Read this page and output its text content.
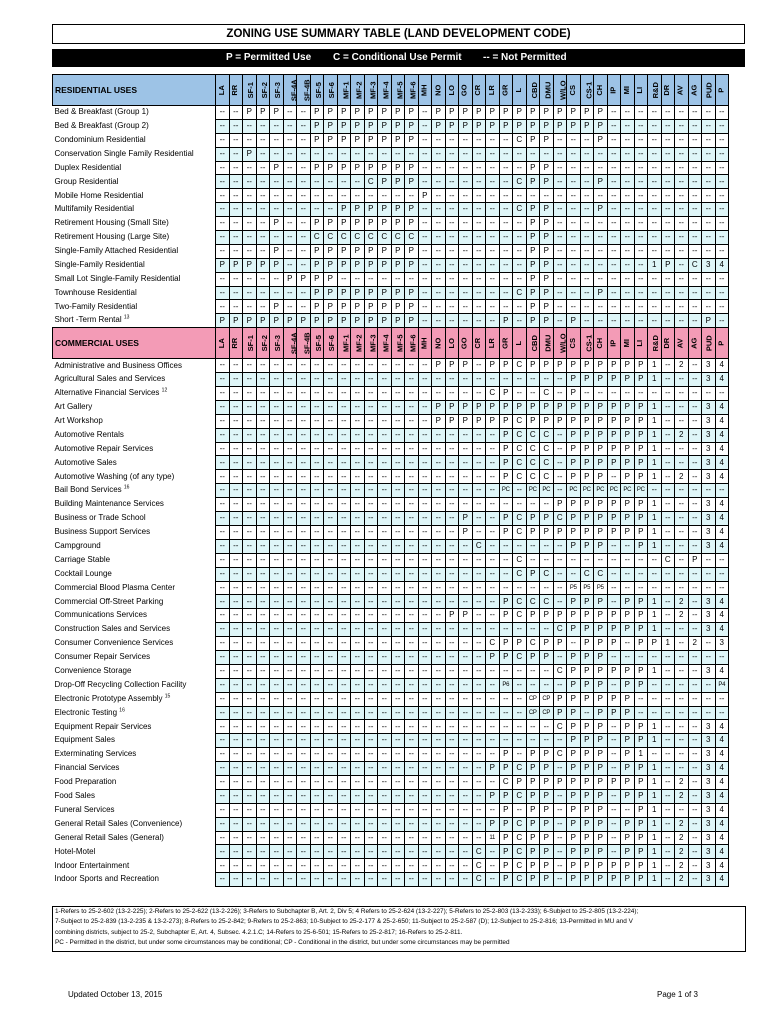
ZONING USE SUMMARY TABLE (LAND DEVELOPMENT CODE)
P = Permitted Use C = Conditional Use Permit -- = Not Permitted
RESIDENTIAL USES	LA	RR	SF-1	SF-2	SF-3	SF-4A	SF-4B	SF-5	SF-6	MF-1	MF-2	MF-3	MF-4	MF-5	MF-6	MH	NO	LO	GO	CR	LR	GR	L	CBD	DMU	W/LO	CS	CS-1	CH	IP	MI	LI	R&D	DR	AV	AG	PUD	P
Bed & Breakfast (Group 1)	--	--	P	P	P	--	--	P	P	P	P	P	P	P	P	--	P	P	P	P	P	P	P	P	P	P	P	P	P	--	--	--	--	--	--	--	--	--
Bed & Breakfast (Group 2)	--	--	--	--	--	--	--	P	P	P	P	P	P	P	P	--	P	P	P	P	P	P	P	P	P	P	P	P	P	--	--	--	--	--	--	--	--	--
Condominium Residential	--	--	--	--	--	--	--	P	P	P	P	P	P	P	P	--	--	--	--	--	--	--	C	P	P	--	--	--	P	--	--	--	--	--	--	--	--	--
Conservation Single Family Residential	--	--	P	--	--	--	--	--	--	--	--	--	--	--	--	--	--	--	--	--	--	--	--	--	--	--	--	--	--	--	--	--	--	--	--	--	--	--
Duplex Residential	--	--	--	--	P	--	--	P	P	P	P	P	P	P	P	--	--	--	--	--	--	--	--	P	P	--	--	--	--	--	--	--	--	--	--	--	--	--
Group Residential	--	--	--	--	--	--	--	--	--	--	--	C	P	P	P	--	--	--	--	--	--	--	C	P	P	--	--	--	P	--	--	--	--	--	--	--	--	--
Mobile Home Residential	--	--	--	--	--	--	--	--	--	--	--	--	--	--	--	P	--	--	--	--	--	--	--	--	--	--	--	--	--	--	--	--	--	--	--	--	--	--
Multifamily Residential	--	--	--	--	--	--	--	--	--	P	P	P	P	P	P	--	--	--	--	--	--	--	C	P	P	--	--	--	P	--	--	--	--	--	--	--	--	--
Retirement Housing (Small Site)	--	--	--	--	P	--	--	P	P	P	P	P	P	P	P	--	--	--	--	--	--	--	--	P	P	--	--	--	--	--	--	--	--	--	--	--	--	--
Retirement Housing (Large Site)	--	--	--	--	--	--	--	C	C	C	C	C	C	C	C	--	--	--	--	--	--	--	--	P	P	--	--	--	--	--	--	--	--	--	--	--	--	--
Single-Family Attached Residential	--	--	--	--	P	--	--	P	P	P	P	P	P	P	P	--	--	--	--	--	--	--	--	P	P	--	--	--	--	--	--	--	--	--	--	--	--	--
Single-Family Residential	P	P	P	P	P	--	--	P	P	P	P	P	P	P	P	--	--	--	--	--	--	--	--	P	P	--	--	--	--	--	--	--	1	P	--	C	3	4
Small Lot Single-Family Residential	--	--	--	--	--	P	P	P	P	--	--	--	--	--	--	--	--	--	--	--	--	--	--	P	P	--	--	--	--	--	--	--	--	--	--	--	--	--
Townhouse Residential	--	--	--	--	--	--	--	P	P	P	P	P	P	P	P	--	--	--	--	--	--	--	C	P	P	--	--	--	P	--	--	--	--	--	--	--	--	--
Two-Family Residential	--	--	--	--	P	--	--	P	P	P	P	P	P	P	P	--	--	--	--	--	--	--	--	P	P	--	--	--	--	--	--	--	--	--	--	--	--	--
Short -Term Rental $^{13}$	P	P	P	P	P	P	P	P	P	P	P	P	P	P	P	--	--	--	--	--	--	P	--	P	P	--	P	--	--	--	--	--	--	--	--	--	P	--
COMMERCIAL USES	LA	RR	SF-1	SF-2	SF-3	SF-4A	SF-4B	SF-5	SF-6	MF-1	MF-2	MF-3	MF-4	MF-5	MF-6	MH	NO	LO	GO	CR	LR	GR	L	CBD	DMU	W/LO	CS	CS-1	CH	IP	MI	LI	R&D	DR	AV	AG	PUD	P
Administrative and Business Offices	--	--	--	--	--	--	--	--	--	--	--	--	--	--	--	--	P	P	P	--	P	P	C	P	P	P	P	P	P	P	P	P	1	--	2	--	3	4
Agricultural Sales and Services	--	--	--	--	--	--	--	--	--	--	--	--	--	--	--	--	--	--	--	--	--	--	--	--	--	--	P	P	P	P	P	P	1	--	--	--	3	4
Alternative Financial Services $^{12}$	--	--	--	--	--	--	--	--	--	--	--	--	--	--	--	--	--	--	--	--	C	P	--	--	C	--	P	--	--	--	--	--	--	--	--	--	--	--
Art Gallery	--	--	--	--	--	--	--	--	--	--	--	--	--	--	--	--	P	P	P	P	P	P	P	P	P	P	P	P	P	P	P	P	1	--	--	--	3	4
Art Workshop	--	--	--	--	--	--	--	--	--	--	--	--	--	--	--	--	P	P	P	P	P	P	C	P	P	P	P	P	P	P	P	P	1	--	--	--	3	4
Automotive Rentals	--	--	--	--	--	--	--	--	--	--	--	--	--	--	--	--	--	--	--	--	--	P	C	C	C	--	P	P	P	P	P	P	1	--	2	--	3	4
Automotive Repair Services	--	--	--	--	--	--	--	--	--	--	--	--	--	--	--	--	--	--	--	--	--	P	C	C	C	--	P	P	P	P	P	P	1	--	--	--	3	4
Automotive Sales	--	--	--	--	--	--	--	--	--	--	--	--	--	--	--	--	--	--	--	--	--	P	C	C	C	--	P	P	P	P	P	P	1	--	--	--	3	4
Automotive Washing (of any type)	--	--	--	--	--	--	--	--	--	--	--	--	--	--	--	--	--	--	--	--	--	P	C	C	C	--	P	P	P	--	P	P	1	--	2	--	3	4
Bail Bond Services $^{16}$	--	--	--	--	--	--	--	--	--	--	--	--	--	--	--	--	--	--	--	--	--	PC	--	PC	PC	--	PC	PC	PC	PC	PC	PC	--	--	--	--	--	--
Building Maintenance Services	--	--	--	--	--	--	--	--	--	--	--	--	--	--	--	--	--	--	--	--	--	--	--	--	--	P	P	P	P	P	P	P	1	--	--	--	3	4
Business or Trade School	--	--	--	--	--	--	--	--	--	--	--	--	--	--	--	--	--	--	P	--	--	P	C	P	P	C	P	P	P	P	P	P	1	--	--	--	3	4
Business Support Services	--	--	--	--	--	--	--	--	--	--	--	--	--	--	--	--	--	--	P	--	--	P	C	P	P	P	P	P	P	P	P	P	1	--	--	--	3	4
Campground	--	--	--	--	--	--	--	--	--	--	--	--	--	--	--	--	--	--	--	C	--	--	--	--	--	--	P	P	P	--	--	P	1	--	--	--	3	4
Carriage Stable	--	--	--	--	--	--	--	--	--	--	--	--	--	--	--	--	--	--	--	--	--	--	C	--	--	--	--	--	--	--	--	--	--	C	--	P	--	--
Cocktail Lounge	--	--	--	--	--	--	--	--	--	--	--	--	--	--	--	--	--	--	--	--	--	--	C	P	C	--	--	C	C	--	--	--	--	--	--	--	--	--
Commercial Blood Plasma Center	--	--	--	--	--	--	--	--	--	--	--	--	--	--	--	--	--	--	--	--	--	--	--	--	--	--	P5	P5	P5	--	--	--	--	--	--	--	--	--
Commercial Off-Street Parking	--	--	--	--	--	--	--	--	--	--	--	--	--	--	--	--	--	--	--	--	--	P	C	C	C	--	P	P	P	--	P	P	1	--	2	--	3	4
Communications Services	--	--	--	--	--	--	--	--	--	--	--	--	--	--	--	--	--	P	P	--	--	P	C	P	P	P	P	P	P	P	P	P	1	--	2	--	3	4
Construction Sales and Services	--	--	--	--	--	--	--	--	--	--	--	--	--	--	--	--	--	--	--	--	--	--	--	--	--	C	P	P	P	P	P	P	1	--	--	--	3	4
Consumer Convenience Services	--	--	--	--	--	--	--	--	--	--	--	--	--	--	--	--	--	--	--	--	C	P	P	C	P	P	--	P	P	P	--	P	P	1	--	2	--	3
Consumer Repair Services	--	--	--	--	--	--	--	--	--	--	--	--	--	--	--	--	--	--	--	--	P	P	C	P	P	--	P	P	P	--	--	--	--	--	--	--	--	--
Convenience Storage	--	--	--	--	--	--	--	--	--	--	--	--	--	--	--	--	--	--	--	--	--	--	--	--	--	C	P	P	P	P	P	P	1	--	--	--	3	4
Drop-Off Recycling Collection Facility	--	--	--	--	--	--	--	--	--	--	--	--	--	--	--	--	--	--	--	--	--	P6	--	--	--	--	P	P	P	--	P	P	--	--	--	--	--	P4
Electronic Prototype Assembly $^{15}$	--	--	--	--	--	--	--	--	--	--	--	--	--	--	--	--	--	--	--	--	--	--	--	CP	CP	P	P	P	P	P	P	--	--	--	--	--	--	--
Electronic Testing $^{16}$	--	--	--	--	--	--	--	--	--	--	--	--	--	--	--	--	--	--	--	--	--	--	--	CP	CP	P	P	--	P	P	P	--	--	--	--	--	--	--
Equipment Repair Services	--	--	--	--	--	--	--	--	--	--	--	--	--	--	--	--	--	--	--	--	--	--	--	--	--	C	P	P	P	--	P	P	1	--	--	--	3	4
Equipment Sales	--	--	--	--	--	--	--	--	--	--	--	--	--	--	--	--	--	--	--	--	--	--	--	--	--	--	P	P	P	--	P	P	1	--	--	--	3	4
Exterminating Services	--	--	--	--	--	--	--	--	--	--	--	--	--	--	--	--	--	--	--	--	--	P	--	P	P	C	P	P	P	--	P	1	--	--	--	--	3	4
Financial Services	--	--	--	--	--	--	--	--	--	--	--	--	--	--	--	--	--	--	--	--	P	P	C	P	P	--	P	P	P	--	P	P	1	--	--	--	3	4
Food Preparation	--	--	--	--	--	--	--	--	--	--	--	--	--	--	--	--	--	--	--	--	--	C	P	P	P	P	P	P	P	P	P	P	1	--	2	--	3	4
Food Sales	--	--	--	--	--	--	--	--	--	--	--	--	--	--	--	--	--	--	--	--	P	P	C	P	P	--	P	P	P	--	P	P	1	--	2	--	3	4
Funeral Services	--	--	--	--	--	--	--	--	--	--	--	--	--	--	--	--	--	--	--	--	--	P	--	P	P	--	P	P	P	--	--	P	1	--	--	--	3	4
General Retail Sales (Convenience)	--	--	--	--	--	--	--	--	--	--	--	--	--	--	--	--	--	--	--	--	P	P	C	P	P	--	P	P	P	--	P	P	1	--	2	--	3	4
General Retail Sales (General)	--	--	--	--	--	--	--	--	--	--	--	--	--	--	--	--	--	--	--	--	11	P	C	P	P	--	P	P	P	--	P	P	1	--	2	--	3	4
Hotel-Motel	--	--	--	--	--	--	--	--	--	--	--	--	--	--	--	--	--	--	--	C	--	P	C	P	P	--	P	P	P	--	P	P	1	--	2	--	3	4
Indoor Entertainment	--	--	--	--	--	--	--	--	--	--	--	--	--	--	--	--	--	--	--	C	--	P	C	P	P	--	P	P	P	P	P	P	1	--	2	--	3	4
Indoor Sports and Recreation	--	--	--	--	--	--	--	--	--	--	--	--	--	--	--	--	--	--	--	C	--	P	C	P	P	--	P	P	P	P	P	P	1	--	2	--	3	4
1-Refers to 25-2-602 (13-2-225); 2-Refers to 25-2-622 (13-2-226); 3-Refers to Subchapter B, Art. 2, Div 5; 4 Refers to 25-2-624 (13-2-227); 5-Refers to 25-2-803 (13-2-233); 6-Subject to 25-2-805 (13-2-224);
7-Subject to 25-2-839 (13-2-235 & 13-2-273); 8-Refers to 25-2-842; 9-Refers to 25-2-863; 10-Subject to 25-2-177 & 25-2-650; 11-Subject to 25-2-587 (D); 12-Subject to 25-2-816; 13-Permitted in MU and V
combining districts, subject to 25-2, Subchapter E, Art. 4, Subsec. 4.2.1.C; 14-Refers to 25-6-501; 15-Refers to 25-2-817; 16-Refers to 25-2-811.
PC - Permitted in the district, but under some circumstances may be conditional; CP - Conditional in the district, but under some circumstances may be permitted
Updated October 13, 2015	Page 1 of 3
